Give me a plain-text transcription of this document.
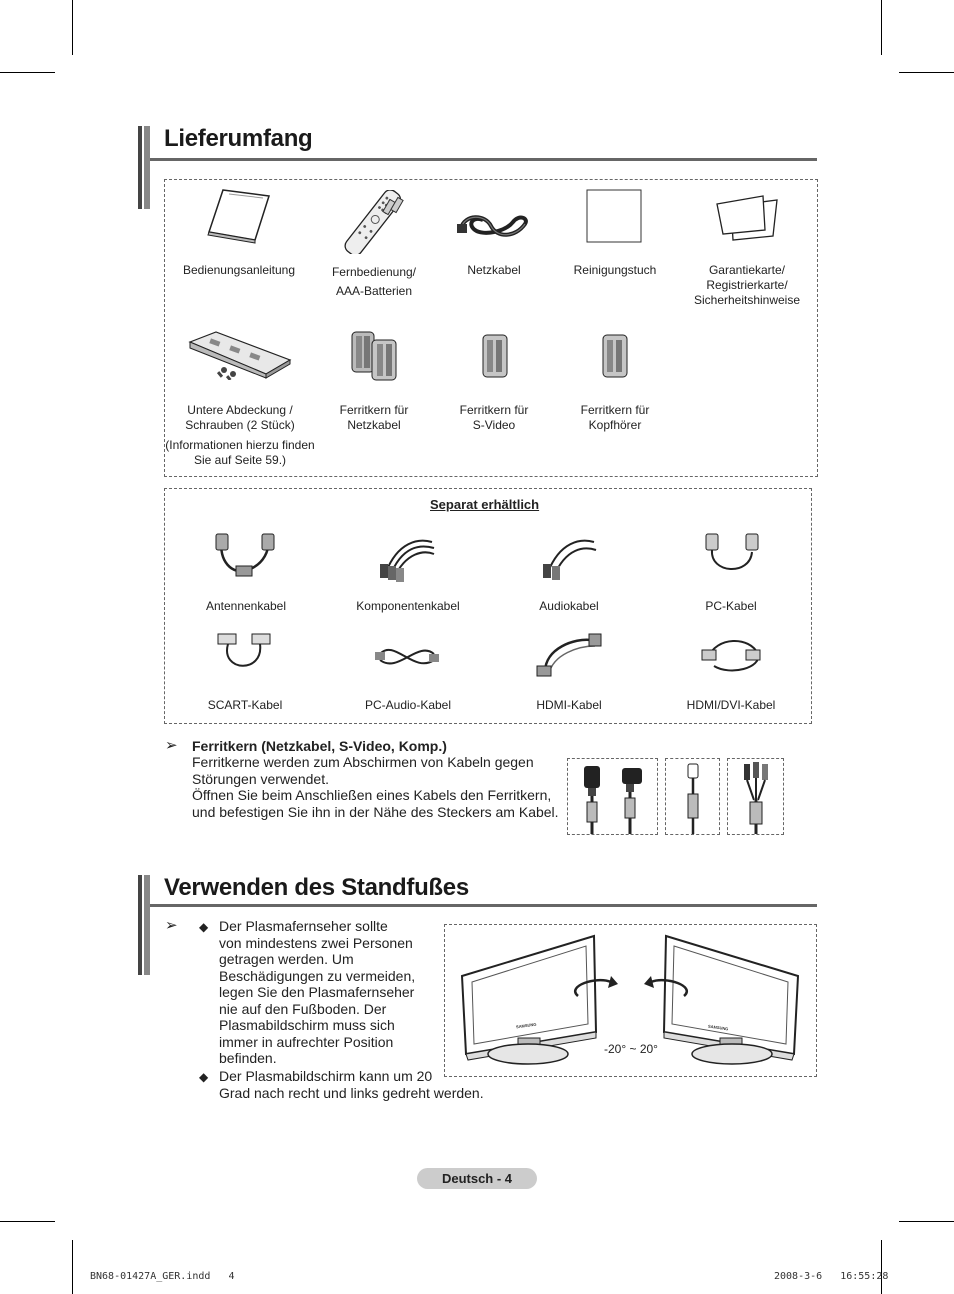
Lieferumfang
Bedienungsanleitung	Fernbedienung/
AAA-Batterien
Netzkabel	Reinigungstuch	Garantiekarte/
Registrierkarte/
Sicherheitshinweise
Untere Abdeckung /
Schrauben (2 Stück)
(Informationen hierzu finden
Sie auf Seite 59.)
Ferritkern für
Netzkabel
Ferritkern für
S-Video
Ferritkern für
Kopfhörer
Separat erhältlich
Antennenkabel	Komponentenkabel	Audiokabel	PC-Kabel
SCART-Kabel	PC-Audio-Kabel	HDMI-Kabel	HDMI/DVI-Kabel
➢ Ferritkern (Netzkabel, S-Video, Komp.)
Ferritkerne werden zum Abschirmen von Kabeln gegen
Störungen verwendet.
Öffnen Sie beim Anschließen eines Kabels den Ferritkern,
und befestigen Sie ihn in der Nähe des Steckers am Kabel.
Verwenden des Standfußes
➢ ◆ Der Plasmafernseher sollte
von mindestens zwei Personen
getragen werden. Um
Beschädigungen zu vermeiden,
legen Sie den Plasmafernseher
nie auf den Fußboden. Der
Plasmabildschirm muss sich
immer in aufrechter Position
befinden.
◆ Der Plasmabildschirm kann um 20
Grad nach recht und links gedreht werden.
SAMSUNG	SAMSUNG
-20° ~ 20°
Deutsch - 4
BN68-01427A_GER.indd   4	2008-3-6   16:55:28
